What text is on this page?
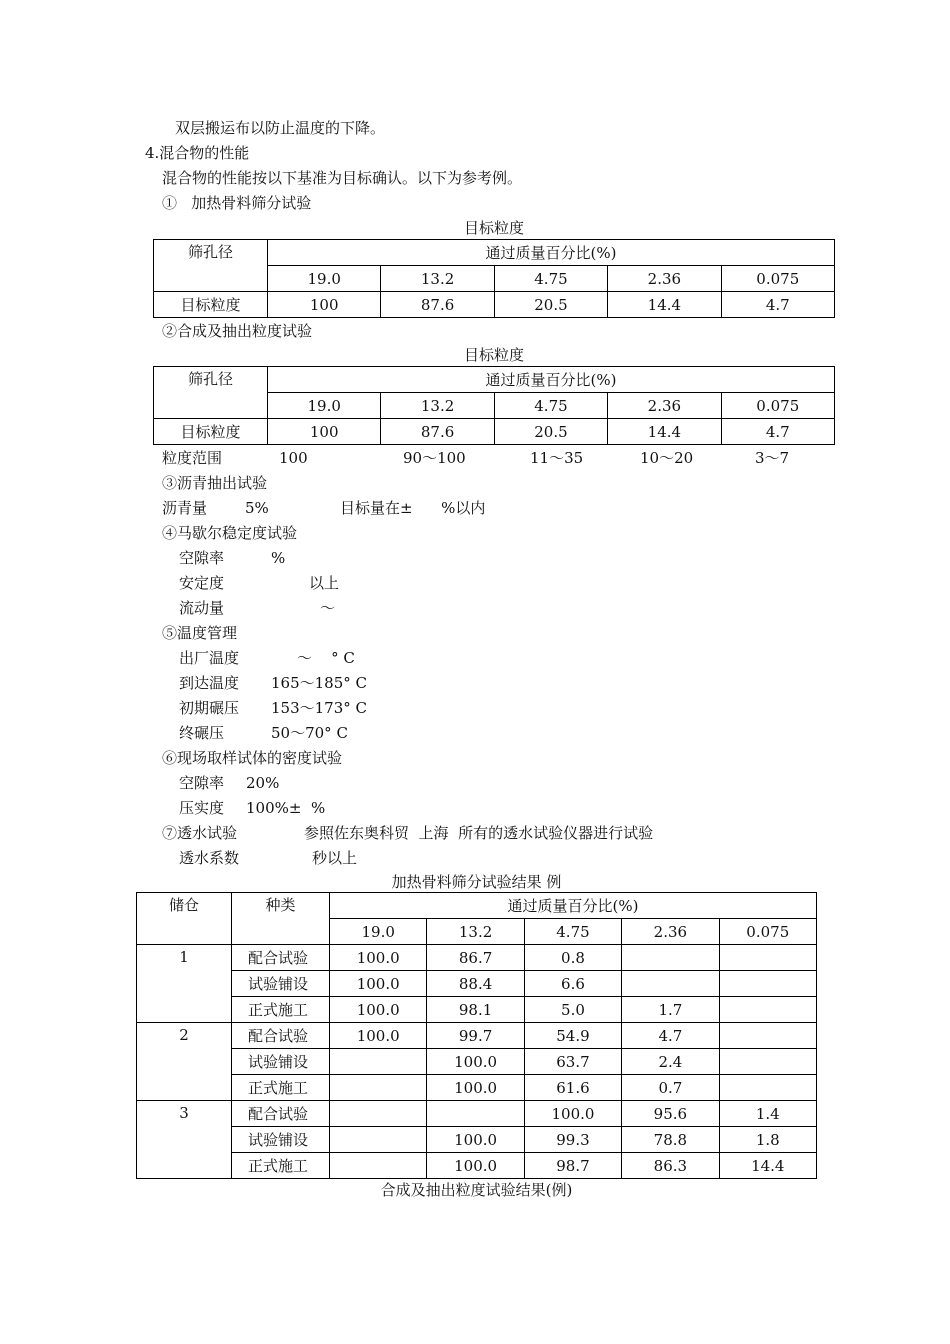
双层搬运布以防止温度的下降。
4.混合物的性能
混合物的性能按以下基准为目标确认。以下为参考例。
①   加热骨料筛分试验
目标粒度
筛孔径	通过质量百分比(%)				
	19.0	13.2	4.75	2.36	0.075
目标粒度	100	87.6	20.5	14.4	4.7
②合成及抽出粒度试验
目标粒度
筛孔径	通过质量百分比(%)				
	19.0	13.2	4.75	2.36	0.075
目标粒度	100	87.6	20.5	14.4	4.7
粒度范围	100	90～100	11～35	10～20	3～7
③沥青抽出试验
沥青量	5%	目标量在±      %以内
④马歇尔稳定度试验
空隙率	%
安定度	以上
流动量	～
⑤温度管理
出厂温度	～    ° C
到达温度 165～185° C
初期碾压 153～173° C
终碾压	50～70° C
⑥现场取样试体的密度试验
空隙率 20%
压实度 100%±  %
⑦透水试验	参照佐东奥科贸  上海  所有的透水试验仪器进行试验
透水系数	秒以上
加热骨料筛分试验结果 例
储仓	种类	通过质量百分比(%)				
		19.0	13.2	4.75	2.36	0.075
1	配合试验	100.0	86.7	0.8		
	试验铺设	100.0	88.4	6.6		
	正式施工	100.0	98.1	5.0	1.7	
2	配合试验	100.0	99.7	54.9	4.7	
	试验铺设		100.0	63.7	2.4	
	正式施工		100.0	61.6	0.7	
3	配合试验			100.0	95.6	1.4
	试验铺设		100.0	99.3	78.8	1.8
	正式施工		100.0	98.7	86.3	14.4
合成及抽出粒度试验结果(例)
